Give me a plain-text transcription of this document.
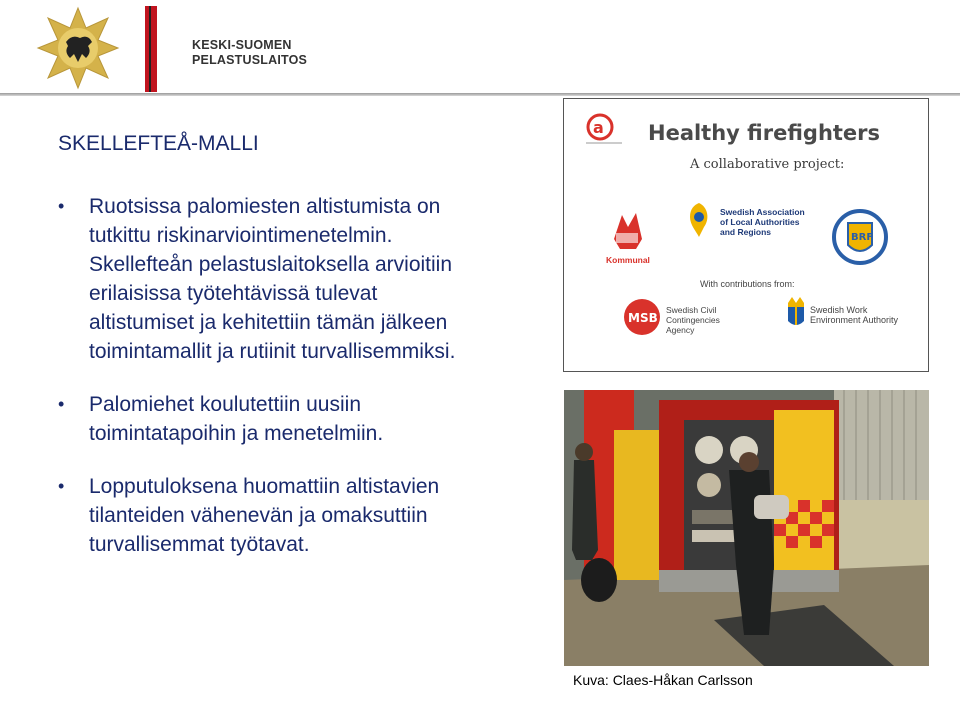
KESKI-SUOMEN
PELASTUSLAITOS
SKELLEFTEÅ-MALLI
• Ruotsissa palomiesten altistumista on
tutkittu riskinarviointimenetelmin.
Skellefteån pelastuslaitoksella arvioitiin
erilaisissa työtehtävissä tulevat
altistumiset ja kehitettiin tämän jälkeen
toimintamallit ja rutiinit turvallisemmiksi.
• Palomiehet koulutettiin uusiin
toimintatapoihin ja menetelmiin.
• Lopputuloksena huomattiin altistavien
tilanteiden vähenevän ja omaksuttiin
turvallisemmat työtavat.
a Healthy firefighters
A collaborative project:
Kommunal
Swedish Association
of Local Authorities
and Regions	BRF
With contributions from:
MSB
Swedish Civil
Contingencies
Agency
Swedish Work
Environment Authority
Kuva: Claes-Håkan Carlsson
